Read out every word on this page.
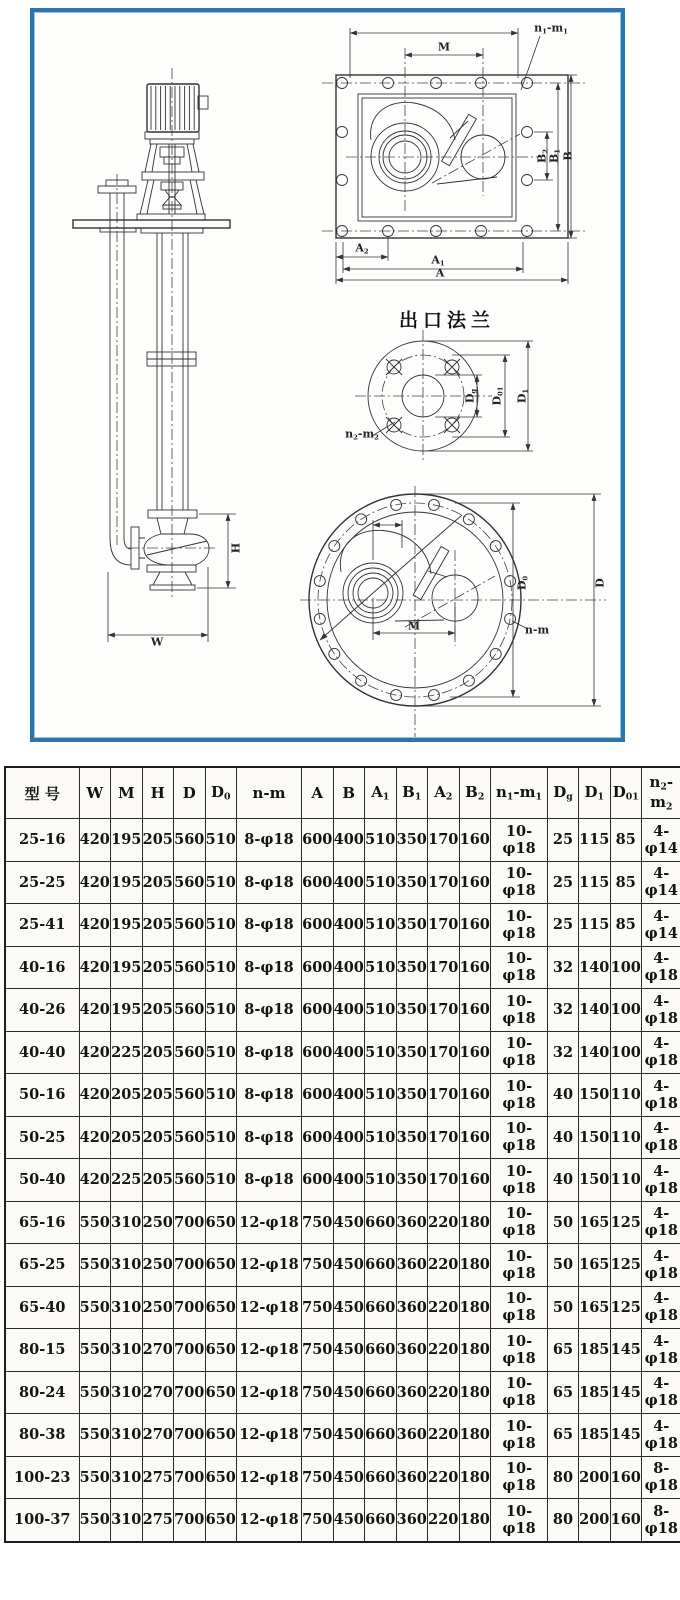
M
n1-m1
B2
B1 B
A2
A1
A
出口法兰
Dg
D01
D1
n2-m2
D0	D
M	n-m
H
W
型 号	W	M	H	D	D0	n-m	A	B	A1	B1	A2	B2	n1-m1	Dg	D1	D01	n2-m2
25-16	420	195	205	560	510	8-φ18	600	400	510	350	170	160	10-φ18	25	115	85	4-φ14
25-25	420	195	205	560	510	8-φ18	600	400	510	350	170	160	10-φ18	25	115	85	4-φ14
25-41	420	195	205	560	510	8-φ18	600	400	510	350	170	160	10-φ18	25	115	85	4-φ14
40-16	420	195	205	560	510	8-φ18	600	400	510	350	170	160	10-φ18	32	140	100	4-φ18
40-26	420	195	205	560	510	8-φ18	600	400	510	350	170	160	10-φ18	32	140	100	4-φ18
40-40	420	225	205	560	510	8-φ18	600	400	510	350	170	160	10-φ18	32	140	100	4-φ18
50-16	420	205	205	560	510	8-φ18	600	400	510	350	170	160	10-φ18	40	150	110	4-φ18
50-25	420	205	205	560	510	8-φ18	600	400	510	350	170	160	10-φ18	40	150	110	4-φ18
50-40	420	225	205	560	510	8-φ18	600	400	510	350	170	160	10-φ18	40	150	110	4-φ18
65-16	550	310	250	700	650	12-φ18	750	450	660	360	220	180	10-φ18	50	165	125	4-φ18
65-25	550	310	250	700	650	12-φ18	750	450	660	360	220	180	10-φ18	50	165	125	4-φ18
65-40	550	310	250	700	650	12-φ18	750	450	660	360	220	180	10-φ18	50	165	125	4-φ18
80-15	550	310	270	700	650	12-φ18	750	450	660	360	220	180	10-φ18	65	185	145	4-φ18
80-24	550	310	270	700	650	12-φ18	750	450	660	360	220	180	10-φ18	65	185	145	4-φ18
80-38	550	310	270	700	650	12-φ18	750	450	660	360	220	180	10-φ18	65	185	145	4-φ18
100-23	550	310	275	700	650	12-φ18	750	450	660	360	220	180	10-φ18	80	200	160	8-φ18
100-37	550	310	275	700	650	12-φ18	750	450	660	360	220	180	10-φ18	80	200	160	8-φ18
